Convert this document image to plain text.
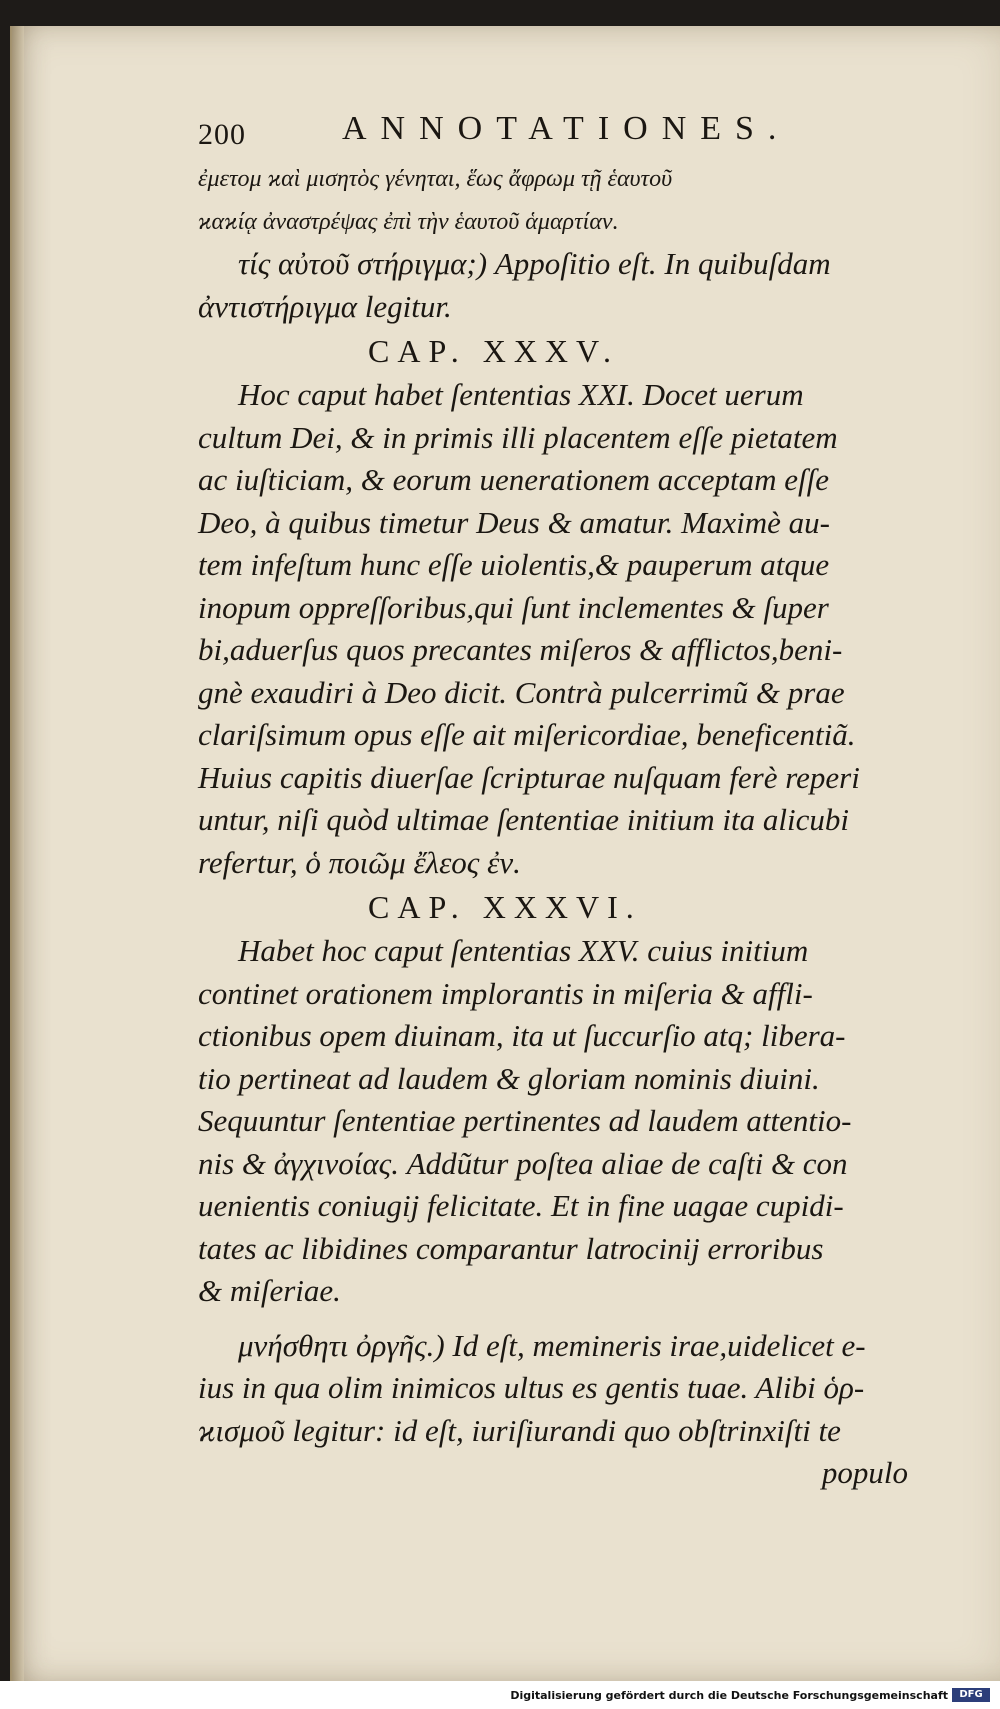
200	ANNOTATIONES.
ἐμετομ ϰαὶ μισητὸς γένηται, ἕως ἄφρωμ τῇ ἑαυτοῦ
ϰαϰίᾳ ἀναστρέψας ἐπὶ τὴν ἑαυτοῦ ἁμαρτίαν.
τίς αὐτοῦ στήριγμα;) Appoſitio eſt. In quibuſdam
ἀντιστήριγμα legitur.
CAP. XXXV.
Hoc caput habet ſententias XXI. Docet uerum
cultum Dei, & in primis illi placentem eſſe pietatem
ac iuſticiam, & eorum uenerationem acceptam eſſe
Deo, à quibus timetur Deus & amatur. Maximè au-
tem infeſtum hunc eſſe uiolentis,& pauperum atque
inopum oppreſſoribus,qui ſunt inclementes & ſuper
bi,aduerſus quos precantes miſeros & afflictos,beni-
gnè exaudiri à Deo dicit. Contrà pulcerrimũ & prae
clariſsimum opus eſſe ait miſericordiae, beneficentiã.
Huius capitis diuerſae ſcripturae nuſquam ferè reperi
untur, niſi quòd ultimae ſententiae initium ita alicubi
refertur, ὁ ποιῶμ ἔλεος ἐν.
CAP. XXXVI.
Habet hoc caput ſententias XXV. cuius initium
continet orationem implorantis in miſeria & affli-
ctionibus opem diuinam, ita ut ſuccurſio atq; libera-
tio pertineat ad laudem & gloriam nominis diuini.
Sequuntur ſententiae pertinentes ad laudem attentio-
nis & ἀγχινοίας. Addũtur poſtea aliae de caſti & con
uenientis coniugij felicitate. Et in fine uagae cupidi-
tates ac libidines comparantur latrocinij erroribus
& miſeriae.
μνήσθητι ὀργῆς.) Id eſt, memineris irae,uidelicet e-
ius in qua olim inimicos ultus es gentis tuae. Alibi ὁρ-
ϰισμοῦ legitur: id eſt, iuriſiurandi quo obſtrinxiſti te
populo
Digitalisierung gefördert durch die Deutsche Forschungsgemeinschaft	DFG
